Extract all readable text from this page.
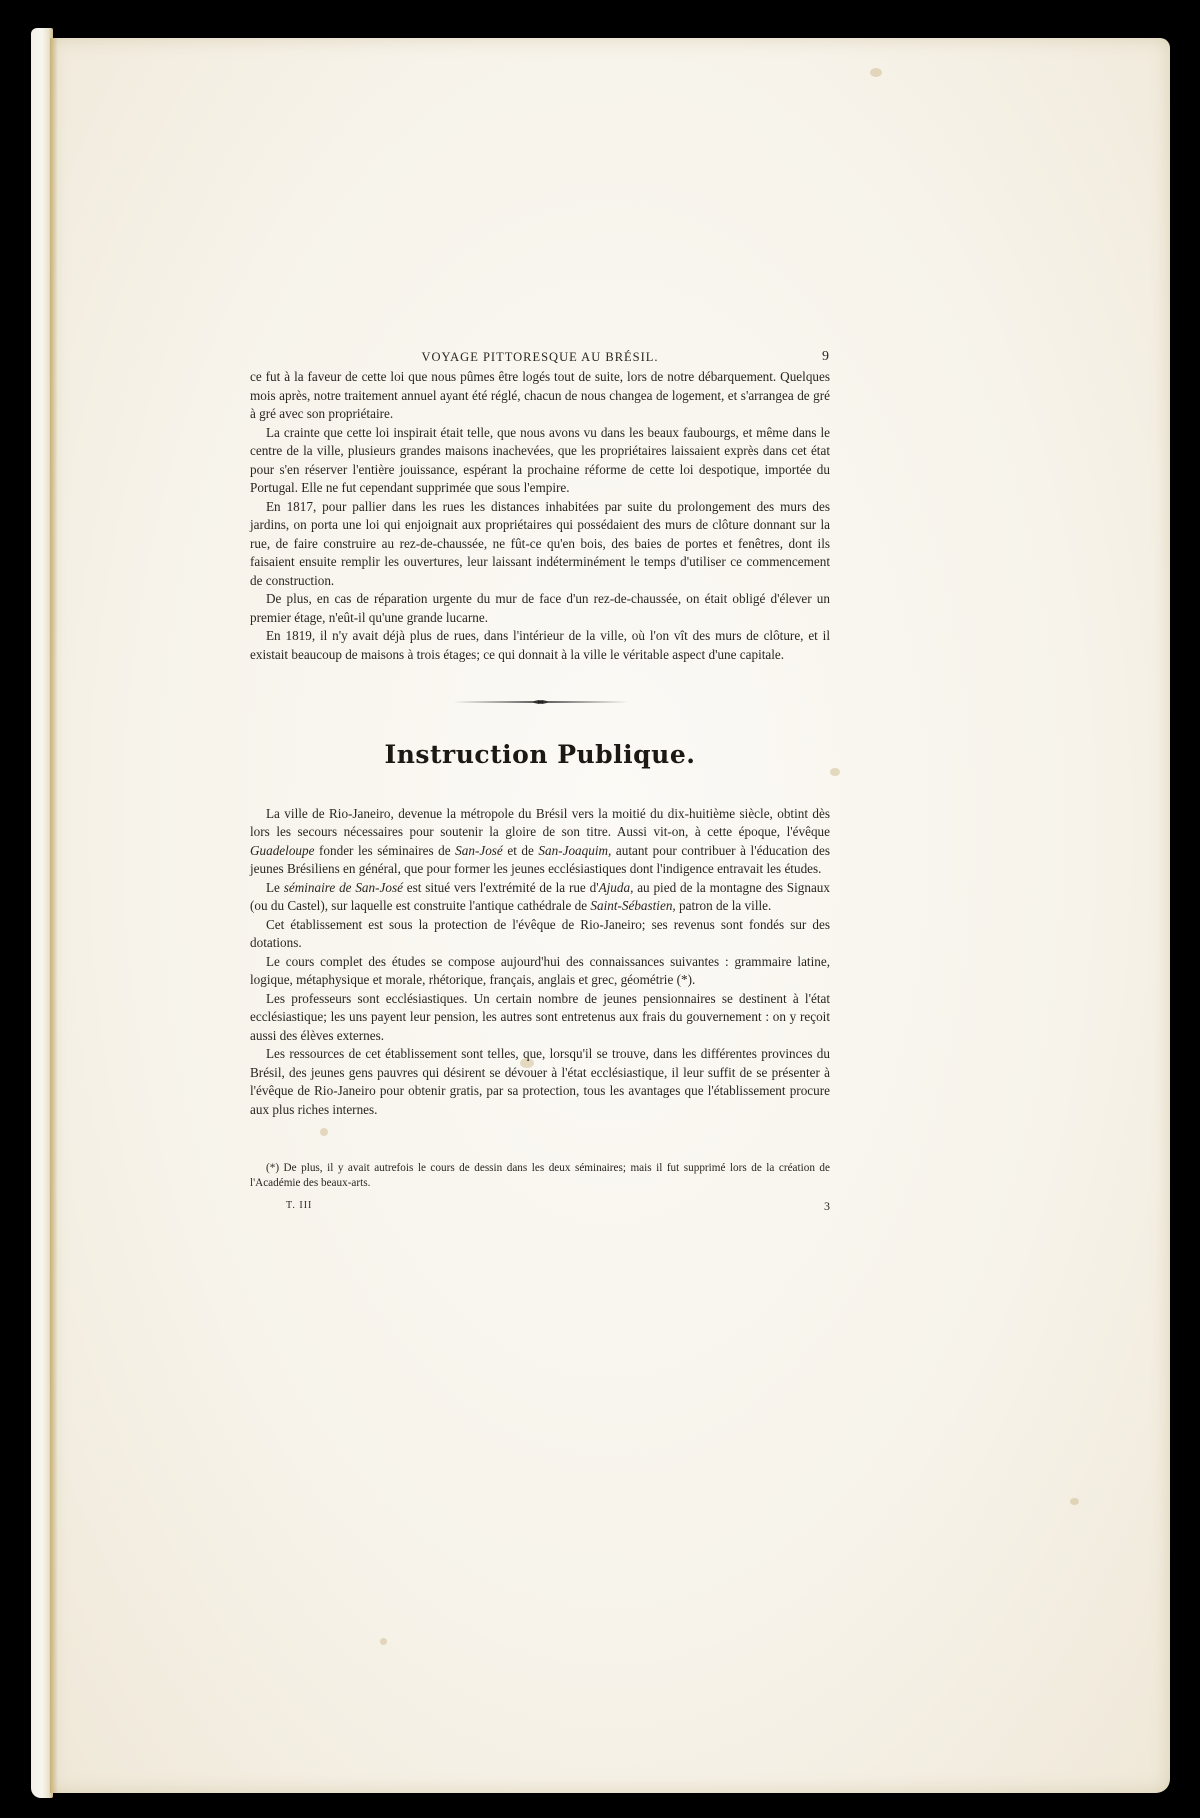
VOYAGE PITTORESQUE AU BRÉSIL.	9

ce fut à la faveur de cette loi que nous pûmes être logés tout de suite, lors de notre débarquement. Quelques mois après, notre traitement annuel ayant été réglé, chacun de nous changea de logement, et s'arrangea de gré à gré avec son propriétaire.

La crainte que cette loi inspirait était telle, que nous avons vu dans les beaux faubourgs, et même dans le centre de la ville, plusieurs grandes maisons inachevées, que les propriétaires laissaient exprès dans cet état pour s'en réserver l'entière jouissance, espérant la prochaine réforme de cette loi despotique, importée du Portugal. Elle ne fut cependant supprimée que sous l'empire.

En 1817, pour pallier dans les rues les distances inhabitées par suite du prolongement des murs des jardins, on porta une loi qui enjoignait aux propriétaires qui possédaient des murs de clôture donnant sur la rue, de faire construire au rez-de-chaussée, ne fût-ce qu'en bois, des baies de portes et fenêtres, dont ils faisaient ensuite remplir les ouvertures, leur laissant indéterminément le temps d'utiliser ce commencement de construction.

De plus, en cas de réparation urgente du mur de face d'un rez-de-chaussée, on était obligé d'élever un premier étage, n'eût-il qu'une grande lucarne.

En 1819, il n'y avait déjà plus de rues, dans l'intérieur de la ville, où l'on vît des murs de clôture, et il existait beaucoup de maisons à trois étages; ce qui donnait à la ville le véritable aspect d'une capitale.

Instruction Publique.

La ville de Rio-Janeiro, devenue la métropole du Brésil vers la moitié du dix-huitième siècle, obtint dès lors les secours nécessaires pour soutenir la gloire de son titre. Aussi vit-on, à cette époque, l'évêque Guadeloupe fonder les séminaires de San-José et de San-Joaquim, autant pour contribuer à l'éducation des jeunes Brésiliens en général, que pour former les jeunes ecclésiastiques dont l'indigence entravait les études.

Le séminaire de San-José est situé vers l'extrémité de la rue d'Ajuda, au pied de la montagne des Signaux (ou du Castel), sur laquelle est construite l'antique cathédrale de Saint-Sébastien, patron de la ville.

Cet établissement est sous la protection de l'évêque de Rio-Janeiro; ses revenus sont fondés sur des dotations.

Le cours complet des études se compose aujourd'hui des connaissances suivantes : grammaire latine, logique, métaphysique et morale, rhétorique, français, anglais et grec, géométrie (*).

Les professeurs sont ecclésiastiques. Un certain nombre de jeunes pensionnaires se destinent à l'état ecclésiastique; les uns payent leur pension, les autres sont entretenus aux frais du gouvernement : on y reçoit aussi des élèves externes.

Les ressources de cet établissement sont telles, que, lorsqu'il se trouve, dans les différentes provinces du Brésil, des jeunes gens pauvres qui désirent se dévouer à l'état ecclésiastique, il leur suffit de se présenter à l'évêque de Rio-Janeiro pour obtenir gratis, par sa protection, tous les avantages que l'établissement procure aux plus riches internes.

(*) De plus, il y avait autrefois le cours de dessin dans les deux séminaires; mais il fut supprimé lors de la création de l'Académie des beaux-arts.

T. III	3
